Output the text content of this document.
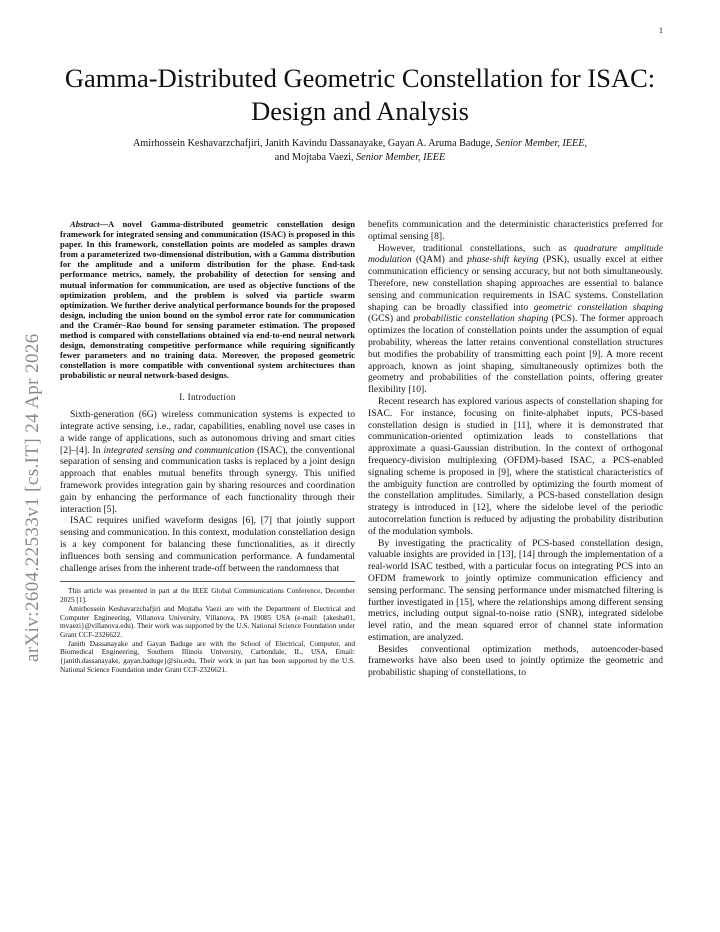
1
arXiv:2604.22533v1 [cs.IT] 24 Apr 2026
Gamma-Distributed Geometric Constellation for ISAC: Design and Analysis
Amirhossein Keshavarzchafjiri, Janith Kavindu Dassanayake, Gayan A. Aruma Baduge, Senior Member, IEEE,
and Mojtaba Vaezi, Senior Member, IEEE

Abstract—A novel Gamma-distributed geometric constellation design framework for integrated sensing and communication (ISAC) is proposed in this paper. In this framework, constellation points are modeled as samples drawn from a parameterized two-dimensional distribution, with a Gamma distribution for the amplitude and a uniform distribution for the phase. End-task performance metrics, namely, the probability of detection for sensing and mutual information for communication, are used as objective functions of the optimization problem, and the problem is solved via particle swarm optimization. We further derive analytical performance bounds for the proposed design, including the union bound on the symbol error rate for communication and the Cramér–Rao bound for sensing parameter estimation. The proposed method is compared with constellations obtained via end-to-end neural network design, demonstrating competitive performance while requiring significantly fewer parameters and no training data. Moreover, the proposed geometric constellation is more compatible with conventional system architectures than probabilistic or neural network-based designs.

I. Introduction

Sixth-generation (6G) wireless communication systems is expected to integrate active sensing, i.e., radar, capabilities, enabling novel use cases in a wide range of applications, such as autonomous driving and smart cities [2]–[4]. In integrated sensing and communication (ISAC), the conventional separation of sensing and communication tasks is replaced by a joint design approach that enables mutual benefits through synergy. This unified framework provides integration gain by sharing resources and coordination gain by enhancing the performance of each functionality through their interaction [5].

ISAC requires unified waveform designs [6], [7] that jointly support sensing and communication. In this context, modulation constellation design is a key component for balancing these functionalities, as it directly influences both sensing and communication performance. A fundamental challenge arises from the inherent trade-off between the randomness that

This article was presented in part at the IEEE Global Communications Conference, December 2025 [1].

Amirhossein Keshavarzchafjiri and Mojtaba Vaezi are with the Department of Electrical and Computer Engineering, Villanova University, Villanova, PA 19085 USA (e-mail: {akesha01, mvaezi}@villanova.edu). Their work was supported by the U.S. National Science Foundation under Grant CCF-2326622.

Janith Dassanayake and Gayan Baduge are with the School of Electrical, Computer, and Biomedical Engineering, Southern Illinois University, Carbondale, IL, USA, Email: {janith.dassanayake, gayan.baduge}@siu.edu. Their work in part has been supported by the U.S. National Science Foundation under Grant CCF-2326621.

benefits communication and the deterministic characteristics preferred for optimal sensing [8].

However, traditional constellations, such as quadrature amplitude modulation (QAM) and phase-shift keying (PSK), usually excel at either communication efficiency or sensing accuracy, but not both simultaneously. Therefore, new constellation shaping approaches are essential to balance sensing and communication requirements in ISAC systems. Constellation shaping can be broadly classified into geometric constellation shaping (GCS) and probabilistic constellation shaping (PCS). The former approach optimizes the location of constellation points under the assumption of equal probability, whereas the latter retains conventional constellation structures but modifies the probability of transmitting each point [9]. A more recent approach, known as joint shaping, simultaneously optimizes both the geometry and probabilities of the constellation points, offering greater flexibility [10].

Recent research has explored various aspects of constellation shaping for ISAC. For instance, focusing on finite-alphabet inputs, PCS-based constellation design is studied in [11], where it is demonstrated that communication-oriented optimization leads to constellations that approximate a quasi-Gaussian distribution. In the context of orthogonal frequency-division multiplexing (OFDM)-based ISAC, a PCS-enabled signaling scheme is proposed in [9], where the statistical characteristics of the ambiguity function are controlled by optimizing the fourth moment of the constellation amplitudes. Similarly, a PCS-based constellation design strategy is introduced in [12], where the sidelobe level of the periodic autocorrelation function is reduced by adjusting the probability distribution of the modulation symbols.

By investigating the practicality of PCS-based constellation design, valuable insights are provided in [13], [14] through the implementation of a real-world ISAC testbed, with a particular focus on integrating PCS into an OFDM framework to jointly optimize communication efficiency and sensing performanc. The sensing performance under mismatched filtering is further investigated in [15], where the relationships among different sensing metrics, including output signal-to-noise ratio (SNR), integrated sidelobe level ratio, and the mean squared error of channel state information estimation, are analyzed.

Besides conventional optimization methods, autoencoder-based frameworks have also been used to jointly optimize the geometric and probabilistic shaping of constellations, to
